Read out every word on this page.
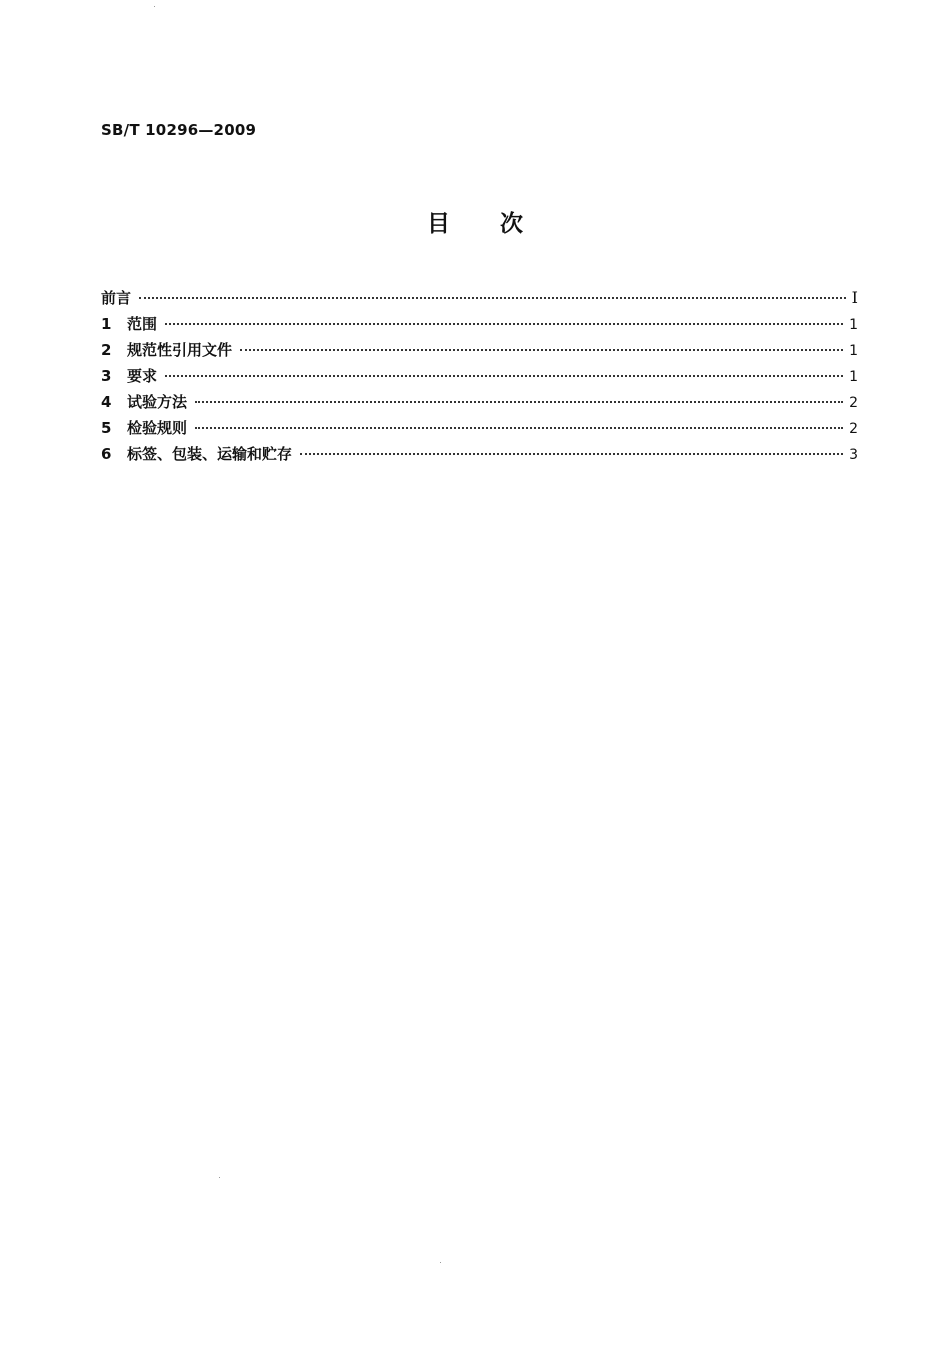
SB/T 10296—2009
目 次
前言	I
1	范围	1
2	规范性引用文件	1
3	要求	1
4	试验方法	2
5	检验规则	2
6	标签、包装、运输和贮存	3
